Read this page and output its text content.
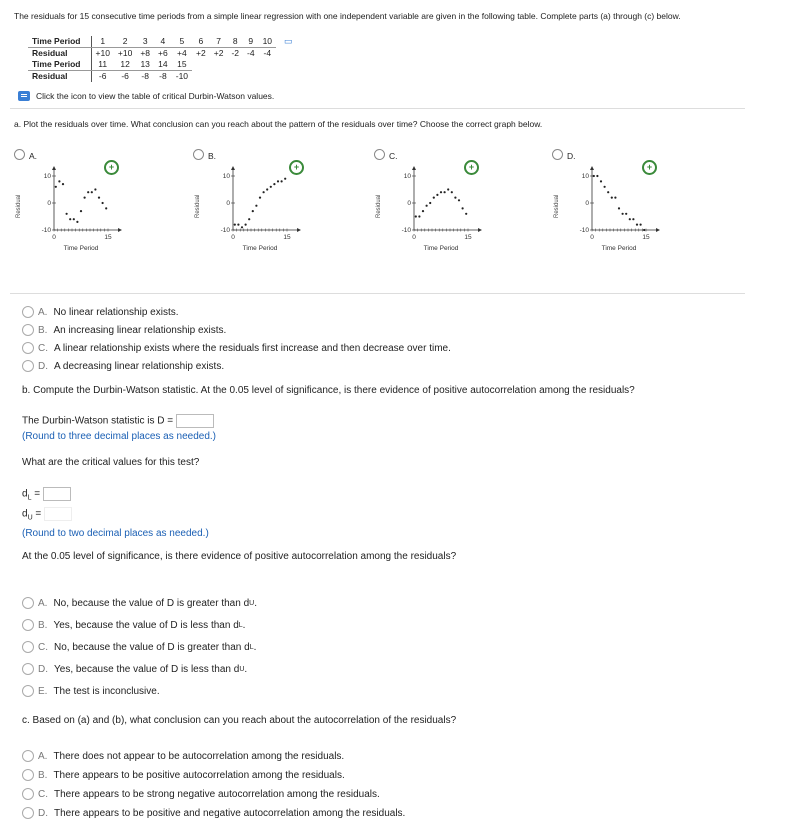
The residuals for 15 consecutive time periods from a simple linear regression with one independent variable are given in the following table. Complete parts (a) through (c) below.
Time Period	1	2	3	4	5	6	7	8	9	10	▭
Residual	+10	+10	+8	+6	+4	+2	+2	-2	-4	-4	
Time Period	11	12	13	14	15						
Residual	-6	-6	-8	-8	-10						
Click the icon to view the table of critical Durbin-Watson values.
a. Plot the residuals over time. What conclusion can you reach about the pattern of the residuals over time? Choose the correct graph below.
A.
+
Residual
10
0
-10
0	15
Time Period
B.
+
Residual
10
0
-10
0	15
Time Period
C.
+
Residual
10
0
-10
0	15
Time Period
D.
+
Residual
10
0
-10
0	15
Time Period
A. No linear relationship exists.
B. An increasing linear relationship exists.
C. A linear relationship exists where the residuals first increase and then decrease over time.
D. A decreasing linear relationship exists.
b. Compute the Durbin-Watson statistic. At the 0.05 level of significance, is there evidence of positive autocorrelation among the residuals?
The Durbin-Watson statistic is D =
(Round to three decimal places as needed.)
What are the critical values for this test?
$d_L$ =
$d_U$ =
(Round to two decimal places as needed.)
At the 0.05 level of significance, is there evidence of positive autocorrelation among the residuals?
A. No, because the value of D is greater than d U .
B. Yes, because the value of D is less than d L .
C. No, because the value of D is greater than d L .
D. Yes, because the value of D is less than d U .
E. The test is inconclusive.
c. Based on (a) and (b), what conclusion can you reach about the autocorrelation of the residuals?
A. There does not appear to be autocorrelation among the residuals.
B. There appears to be positive autocorrelation among the residuals.
C. There appears to be strong negative autocorrelation among the residuals.
D. There appears to be positive and negative autocorrelation among the residuals.
